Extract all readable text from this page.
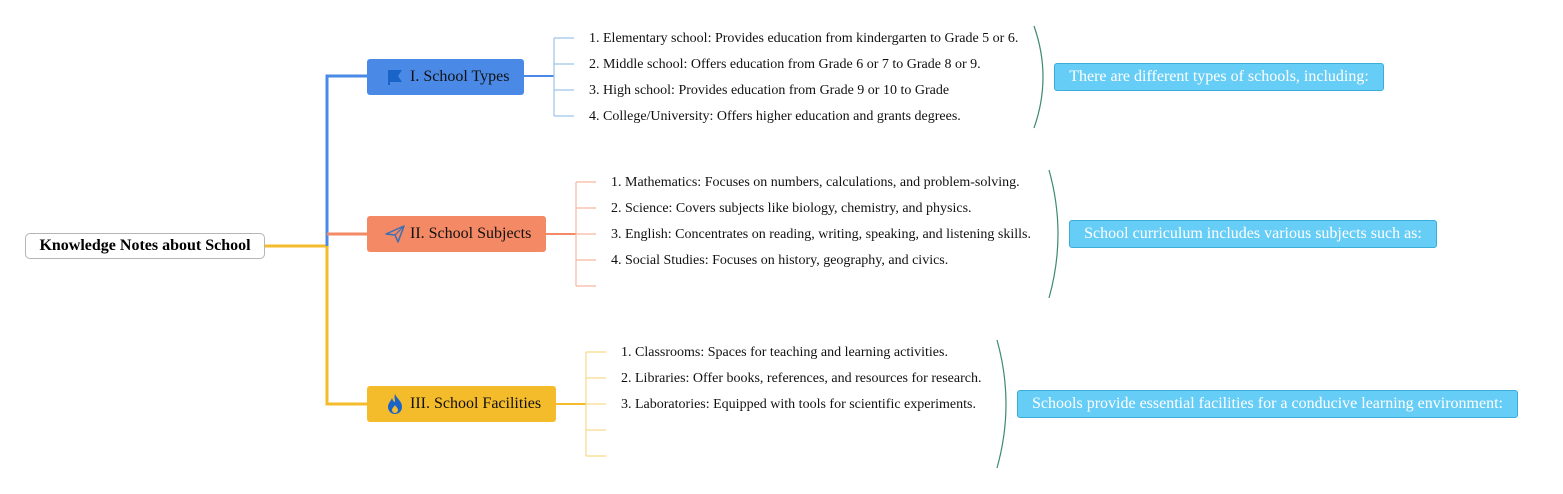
Knowledge Notes about School
I. School Types
1. Elementary school: Provides education from kindergarten to Grade 5 or 6.
2. Middle school: Offers education from Grade 6 or 7 to Grade 8 or 9.
3. High school: Provides education from Grade 9 or 10 to Grade
4. College/University: Offers higher education and grants degrees.
There are different types of schools, including:
II. School Subjects
1. Mathematics: Focuses on numbers, calculations, and problem-solving.
2. Science: Covers subjects like biology, chemistry, and physics.
3. English: Concentrates on reading, writing, speaking, and listening skills.
4. Social Studies: Focuses on history, geography, and civics.
School curriculum includes various subjects such as:
III. School Facilities
1. Classrooms: Spaces for teaching and learning activities.
2. Libraries: Offer books, references, and resources for research.
3. Laboratories: Equipped with tools for scientific experiments.	Schools provide essential facilities for a conducive learning environment:
